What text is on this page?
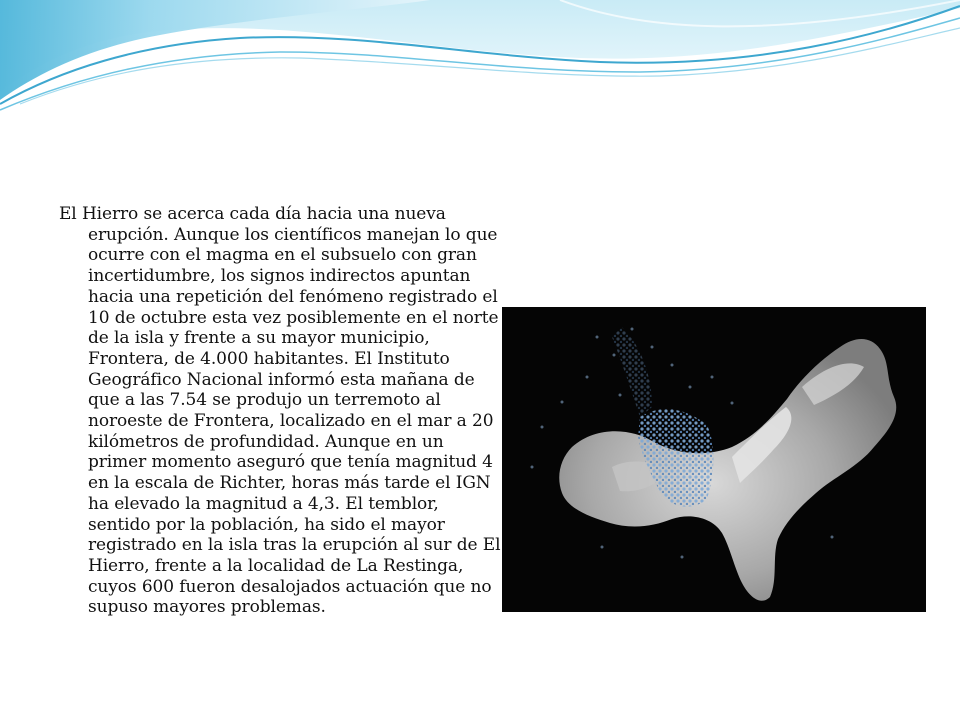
El Hierro se acerca cada día hacia una nueva erupción. Aunque los científicos manejan lo que ocurre con el magma en el subsuelo con gran incertidumbre, los signos indirectos apuntan hacia una repetición del fenómeno registrado el 10 de octubre esta vez posiblemente en el norte de la isla y frente a su mayor municipio, Frontera, de 4.000 habitantes. El Instituto Geográfico Nacional informó esta mañana de que a las 7.54 se produjo un terremoto al noroeste de Frontera, localizado en el mar a 20 kilómetros de profundidad. Aunque en un primer momento aseguró que tenía magnitud 4 en la escala de Richter, horas más tarde el IGN ha elevado la magnitud a 4,3. El temblor, sentido por la población, ha sido el mayor registrado en la isla tras la erupción al sur de El Hierro, frente a la localidad de La Restinga, cuyos 600 fueron desalojados actuación que no supuso mayores problemas.
